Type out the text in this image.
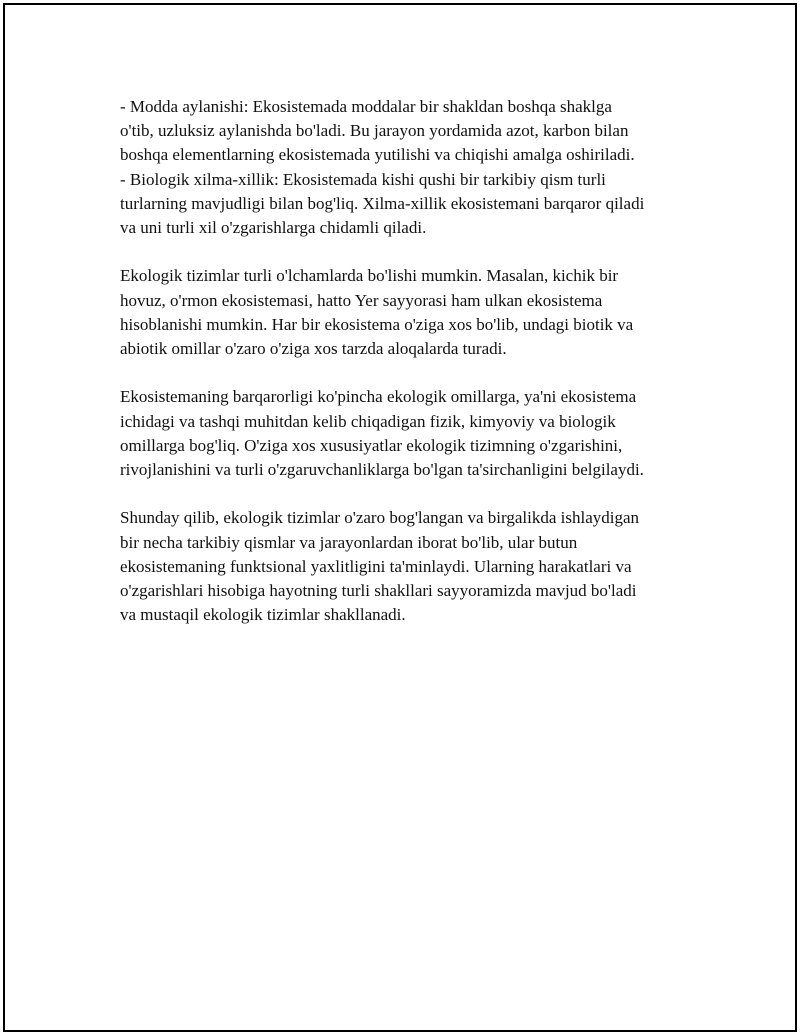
- Modda aylanishi: Ekosistemada moddalar bir shakldan boshqa shaklga
o'tib, uzluksiz aylanishda bo'ladi. Bu jarayon yordamida azot, karbon bilan
boshqa elementlarning ekosistemada yutilishi va chiqishi amalga oshiriladi.
- Biologik xilma-xillik: Ekosistemada kishi qushi bir tarkibiy qism turli
turlarning mavjudligi bilan bog'liq. Xilma-xillik ekosistemani barqaror qiladi
va uni turli xil o'zgarishlarga chidamli qiladi.

Ekologik tizimlar turli o'lchamlarda bo'lishi mumkin. Masalan, kichik bir
hovuz, o'rmon ekosistemasi, hatto Yer sayyorasi ham ulkan ekosistema
hisoblanishi mumkin. Har bir ekosistema o'ziga xos bo'lib, undagi biotik va
abiotik omillar o'zaro o'ziga xos tarzda aloqalarda turadi.

Ekosistemaning barqarorligi ko'pincha ekologik omillarga, ya'ni ekosistema
ichidagi va tashqi muhitdan kelib chiqadigan fizik, kimyoviy va biologik
omillarga bog'liq. O'ziga xos xususiyatlar ekologik tizimning o'zgarishini,
rivojlanishini va turli o'zgaruvchanliklarga bo'lgan ta'sirchanligini belgilaydi.

Shunday qilib, ekologik tizimlar o'zaro bog'langan va birgalikda ishlaydigan
bir necha tarkibiy qismlar va jarayonlardan iborat bo'lib, ular butun
ekosistemaning funktsional yaxlitligini ta'minlaydi. Ularning harakatlari va
o'zgarishlari hisobiga hayotning turli shakllari sayyoramizda mavjud bo'ladi
va mustaqil ekologik tizimlar shakllanadi.
